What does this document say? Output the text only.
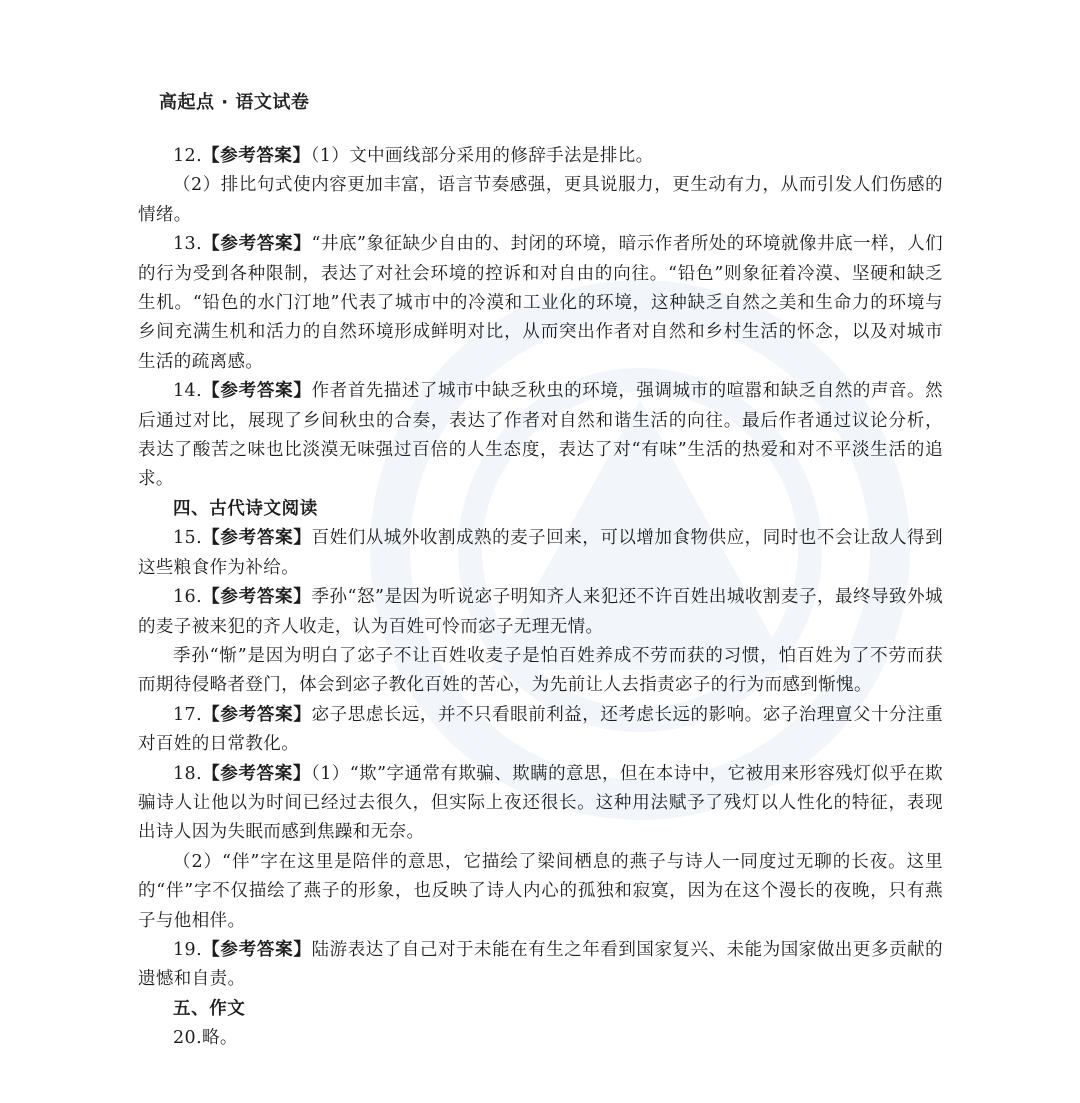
高起点 · 语文试卷

12.【参考答案】（1）文中画线部分采用的修辞手法是排比。

（2）排比句式使内容更加丰富，语言节奏感强，更具说服力，更生动有力，从而引发人们伤感的情绪。

13.【参考答案】“井底”象征缺少自由的、封闭的环境，暗示作者所处的环境就像井底一样，人们的行为受到各种限制，表达了对社会环境的控诉和对自由的向往。“铅色”则象征着冷漠、坚硬和缺乏生机。“铅色的水门汀地”代表了城市中的冷漠和工业化的环境，这种缺乏自然之美和生命力的环境与乡间充满生机和活力的自然环境形成鲜明对比，从而突出作者对自然和乡村生活的怀念，以及对城市生活的疏离感。

14.【参考答案】作者首先描述了城市中缺乏秋虫的环境，强调城市的喧嚣和缺乏自然的声音。然后通过对比，展现了乡间秋虫的合奏，表达了作者对自然和谐生活的向往。最后作者通过议论分析，表达了酸苦之味也比淡漠无味强过百倍的人生态度，表达了对“有味”生活的热爱和对不平淡生活的追求。

四、古代诗文阅读

15.【参考答案】百姓们从城外收割成熟的麦子回来，可以增加食物供应，同时也不会让敌人得到这些粮食作为补给。

16.【参考答案】季孙“怒”是因为听说宓子明知齐人来犯还不许百姓出城收割麦子，最终导致外城的麦子被来犯的齐人收走，认为百姓可怜而宓子无理无情。

季孙“惭”是因为明白了宓子不让百姓收麦子是怕百姓养成不劳而获的习惯，怕百姓为了不劳而获而期待侵略者登门，体会到宓子教化百姓的苦心，为先前让人去指责宓子的行为而感到惭愧。

17.【参考答案】宓子思虑长远，并不只看眼前利益，还考虑长远的影响。宓子治理亶父十分注重对百姓的日常教化。

18.【参考答案】（1）“欺”字通常有欺骗、欺瞒的意思，但在本诗中，它被用来形容残灯似乎在欺骗诗人让他以为时间已经过去很久，但实际上夜还很长。这种用法赋予了残灯以人性化的特征，表现出诗人因为失眠而感到焦躁和无奈。

（2）“伴”字在这里是陪伴的意思，它描绘了梁间栖息的燕子与诗人一同度过无聊的长夜。这里的“伴”字不仅描绘了燕子的形象，也反映了诗人内心的孤独和寂寞，因为在这个漫长的夜晚，只有燕子与他相伴。

19.【参考答案】陆游表达了自己对于未能在有生之年看到国家复兴、未能为国家做出更多贡献的遗憾和自责。

五、作文

20.略。
